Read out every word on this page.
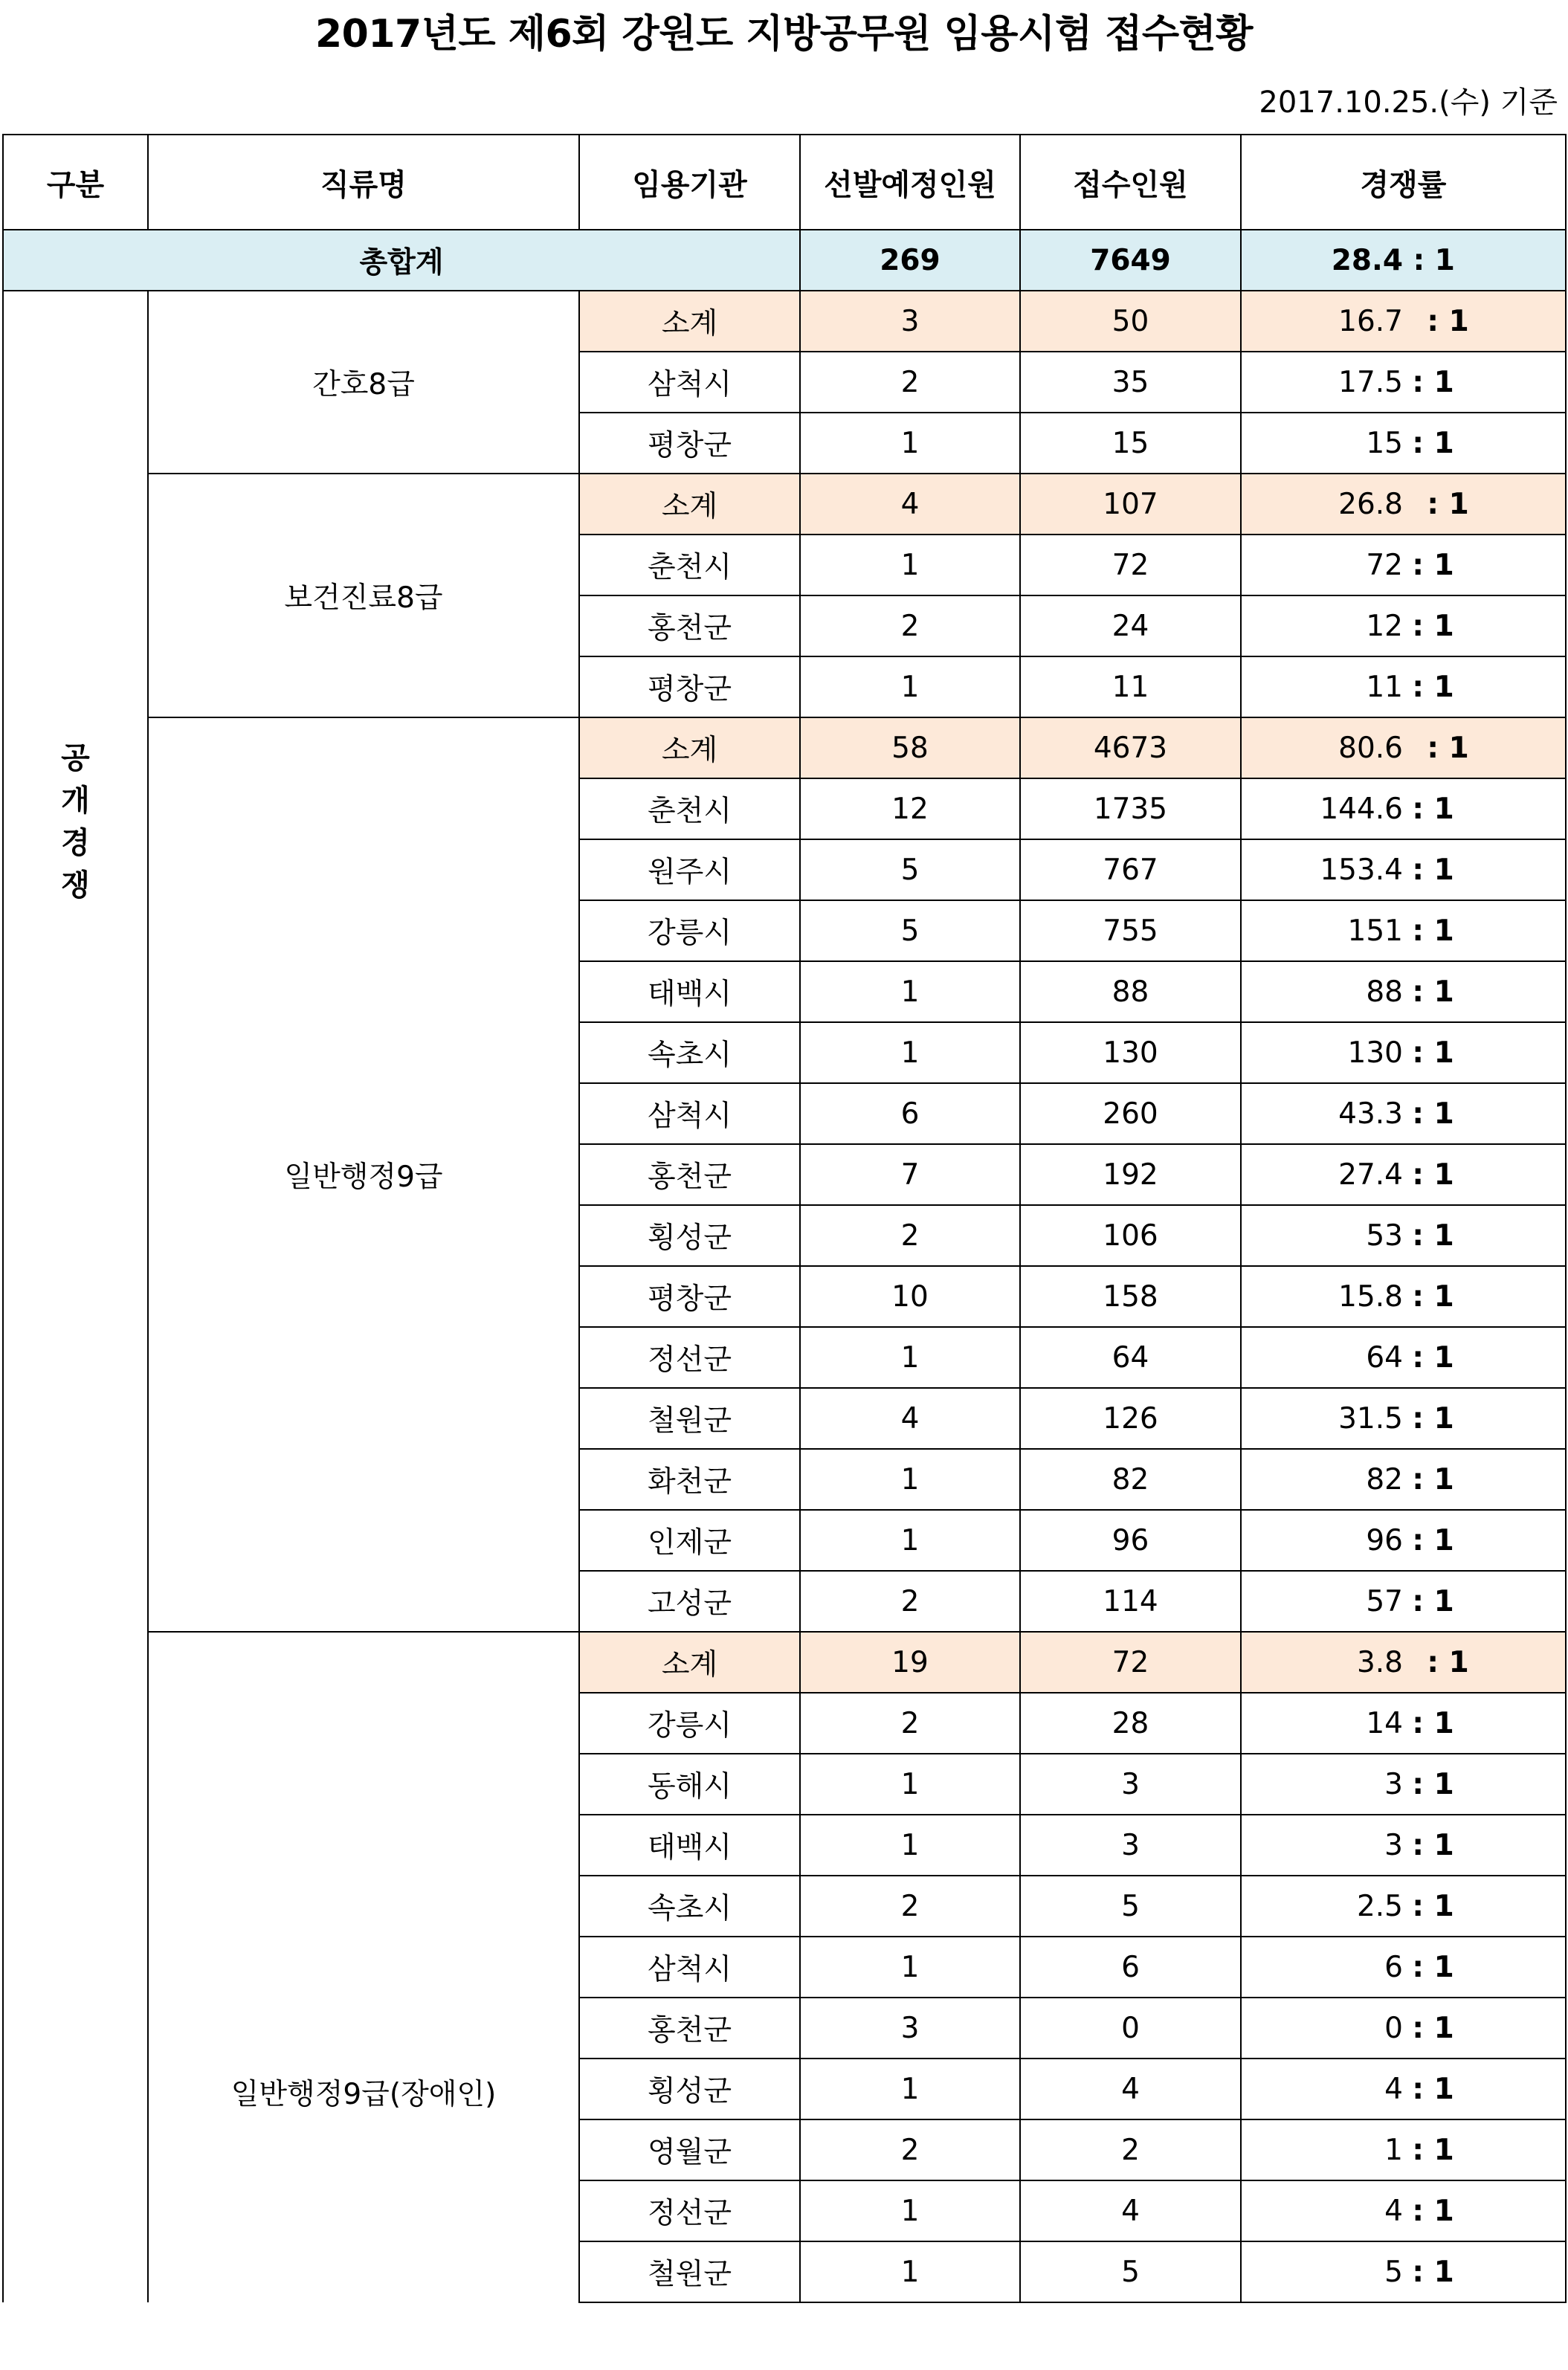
2017년도 제6회 강원도 지방공무원 임용시험 접수현황
2017.10.25.(수) 기준
구분	직류명	임용기관	선발예정인원	접수인원	경쟁률
총합계			269	7649	28.4 : 1
공
개
경
쟁	간호8급	소계	3	50	16.7 : 1
		삼척시	2	35	17.5 : 1
		평창군	1	15	15 : 1
	보건진료8급	소계	4	107	26.8 : 1
		춘천시	1	72	72 : 1
		홍천군	2	24	12 : 1
		평창군	1	11	11 : 1
	일반행정9급	소계	58	4673	80.6 : 1
		춘천시	12	1735	144.6 : 1
		원주시	5	767	153.4 : 1
		강릉시	5	755	151 : 1
		태백시	1	88	88 : 1
		속초시	1	130	130 : 1
		삼척시	6	260	43.3 : 1
		홍천군	7	192	27.4 : 1
		횡성군	2	106	53 : 1
		평창군	10	158	15.8 : 1
		정선군	1	64	64 : 1
		철원군	4	126	31.5 : 1
		화천군	1	82	82 : 1
		인제군	1	96	96 : 1
		고성군	2	114	57 : 1
	일반행정9급(장애인)	소계	19	72	3.8 : 1
		강릉시	2	28	14 : 1
		동해시	1	3	3 : 1
		태백시	1	3	3 : 1
		속초시	2	5	2.5 : 1
		삼척시	1	6	6 : 1
		홍천군	3	0	0 : 1
		횡성군	1	4	4 : 1
		영월군	2	2	1 : 1
		정선군	1	4	4 : 1
		철원군	1	5	5 : 1
